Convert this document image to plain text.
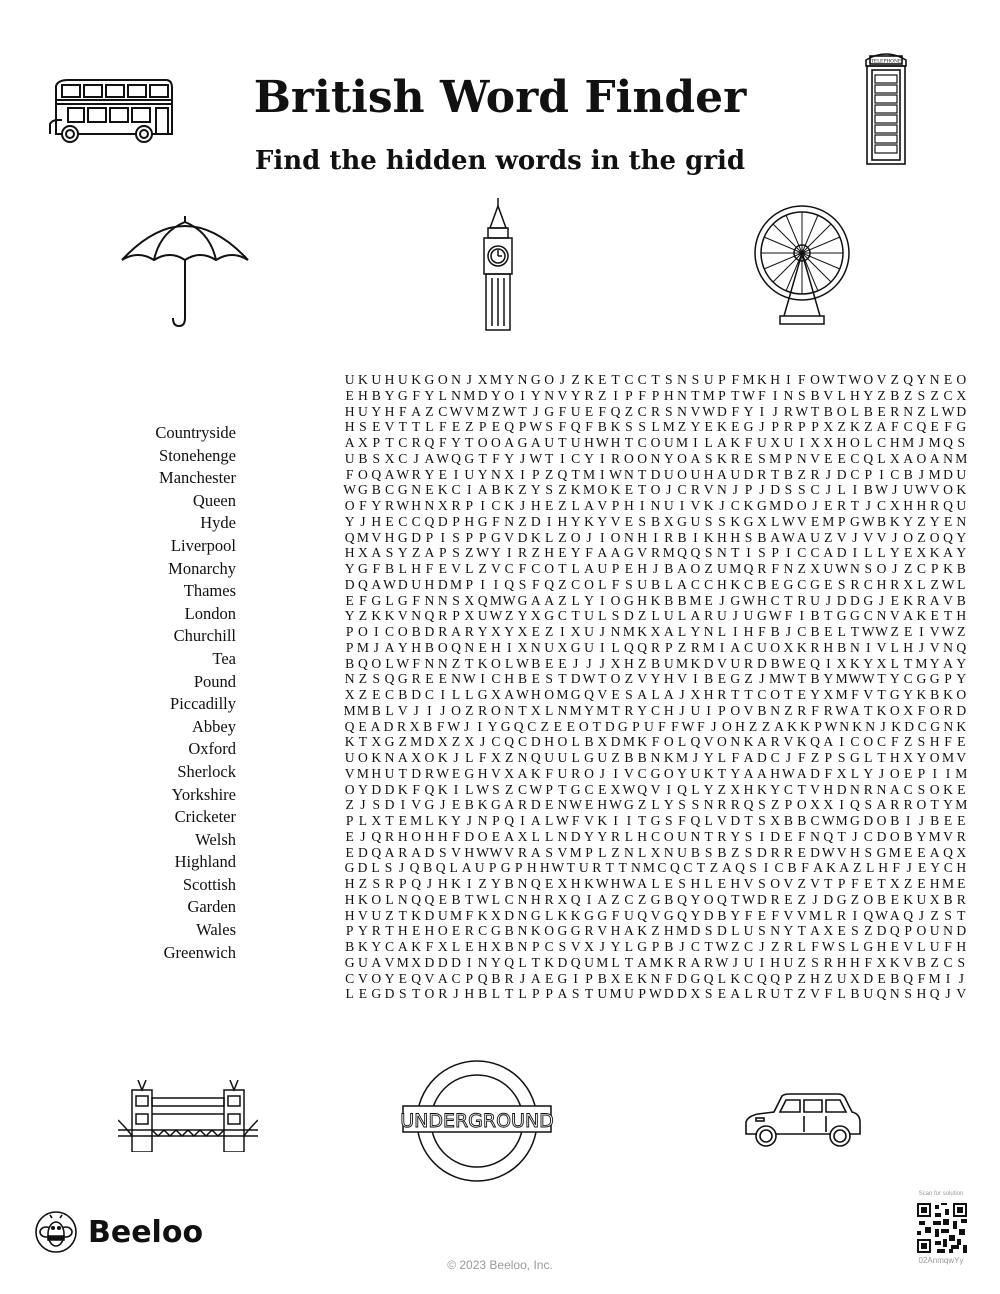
British Word Finder
Find the hidden words in the grid
TELEPHONE
Countryside
Stonehenge
Manchester
Queen
Hyde
Liverpool
Monarchy
Thames
London
Churchill
Tea
Pound
Piccadilly
Abbey
Oxford
Sherlock
Yorkshire
Cricketer
Welsh
Highland
Scottish
Garden
Wales
Greenwich
U K U H U K G O N J X M Y N G O J Z K E T C C T S N S U P F M K H I F O W T W O V Z Q Y N E O
E H B Y G F Y L N M D Y O I Y N V Y R Z I P F P H N T M P T W F I N S B V L H Y Z B Z S Z C X
H U Y H F A Z C W V M Z W T J G F U E F Q Z C R S N V W D F Y I J R W T B O L B E R N Z L W D
H S E V T T L F E Z P E Q P W S F Q F B K S S L M Z Y E K E G J P R P P X Z K Z A F C Q E F G
A X P T C R Q F Y T O O A G A U T U H W H T C O U M I L A K F U X U I X X H O L C H M J M Q S
U B S X C J A W Q G T F Y J W T I C Y I R O O N Y O A S K R E S M P N V E E C Q L X A O A N M
F O Q A W R Y E I U Y N X I P Z Q T M I W N T D U O U H A U D R T B Z R J D C P I C B J M D U
W G B C G N E K C I A B K Z Y S Z K M O K E T O J C R V N J P J D S S C J L I B W J U W V O K
O F Y R W H N X R P I C K J H E Z L A V P H I N U I V K J C K G M D O J E R T J C X H H R Q U
Y J H E C C Q D P H G F N Z D I H Y K Y V E S B X G U S S K G X L W V E M P G W B K Y Z Y E N
Q M V H G D P I S P P G V D K L Z O J I O N H I R B I K H H S B A W A U Z V J V V J O Z O Q Y
H X A S Y Z A P S Z W Y I R Z H E Y F A A G V R M Q Q S N T I S P I C C A D I L L Y E X K A Y
Y G F B L H F E V L Z V C F C O T L A U P E H J B A O Z U M Q R F N Z X U W N S O J Z C P K B
D Q A W D U H D M P I I Q S F Q Z C O L F S U B L A C C H K C B E G C G E S R C H R X L Z W L
E F G L G F N N S X Q M W G A A Z L Y I O G H K B B M E J G W H C T R U J D D G J E K R A V B
Y Z K K V N Q R P X U W Z Y X G C T U L S D Z L U L A R U J U G W F I B T G G C N V A K E T H
P O I C O B D R A R Y X Y X E Z I X U J N M K X A L Y N L I H F B J C B E L T W W Z E I V W Z
P M J A Y H B O Q N E H I X N U X G U I L Q Q R P Z R M I A C U O X K R H B N I V L H J V N Q
B Q O L W F N N Z T K O L W B E E J J J X H Z B U M K D V U R D B W E Q I X K Y X L T M Y A Y
N Z S Q G R E E N W I C H B E S T D W T O Z V Y H V I B E G Z J M W T B Y M W W T Y C G G P Y
X Z E C B D C I L L G X A W H O M G Q V E S A L A J X H R T T C O T E Y X M F V T G Y K B K O
M M B L V J I J O Z R O N T X L N M Y M T R Y C H J U I P O V B N Z R F R W A T K O X F O R D
Q E A D R X B F W J I Y G Q C Z E E O T D G P U F F W F J O H Z Z A K K P W N K N J K D C G N K
K T X G Z M D X Z X J C Q C D H O L B X D M K F O L Q V O N K A R V K Q A I C O C F Z S H F E
U O K N A X O K J L F X Z N Q U U L G U Z B B N K M J Y L F A D C J F Z P S G L T H X Y O M V
V M H U T D R W E G H V X A K F U R O J I V C G O Y U K T Y A A H W A D F X L Y J O E P I I M
O Y D D K F Q K I L W S Z C W P T G C E X W Q V I Q L Y Z X H K Y C T V H D N R N A C S O K E
Z J S D I V G J E B K G A R D E N W E H W G Z L Y S S N R R Q S Z P O X X I Q S A R R O T Y M
P L X T E M L K Y J N P Q I A L W F V K I I T G S F Q L V D T S X B B C W M G D O B I J B E E
E J Q R H O H H F D O E A X L L N D Y Y R L H C O U N T R Y S I D E F N Q T J C D O B Y M V R
E D Q A R A D S V H W W V R A S V M P L Z N L X N U B S B Z S D R R E D W V H S G M E E A Q X
G D L S J Q B Q L A U P G P H H W T U R T T N M C Q C T Z A Q S I C B F A K A Z L H F J E Y C H
H Z S R P Q J H K I Z Y B N Q E X H K W H W A L E S H L E H V S O V Z V T P F E T X Z E H M E
H K O L N Q Q E B T W L C N H R X Q I A Z C Z G B Q Y O Q T W D R E Z J D G Z O B E K U X B R
H V U Z T K D U M F K X D N G L K K G G F U Q V G Q Y D B Y F E F V V M L R I Q W A Q J Z S T
P Y R T H E H O E R C G B N K O G G R V H A K Z H M D S D L U S N Y T A X E S Z D Q P O U N D
B K Y C A K F X L E H X B N P C S V X J Y L G P B J C T W Z C J Z R L F W S L G H E V L U F H
G U A V M X D D D I N Y Q L T K D Q U M L T A M K R A R W J U I H U Z S R H H F X K V B Z C S
C V O Y E Q V A C P Q B R J A E G I P B X E K N F D G Q L K C Q Q P Z H Z U X D E B Q F M I J
L E G D S T O R J H B L T L P P A S T U M U P W D D X S E A L R U T Z V F L B U Q N S H Q J V
UNDERGROUND
Beeloo
© 2023 Beeloo, Inc.
Scan for solution
02AnmqwYy
